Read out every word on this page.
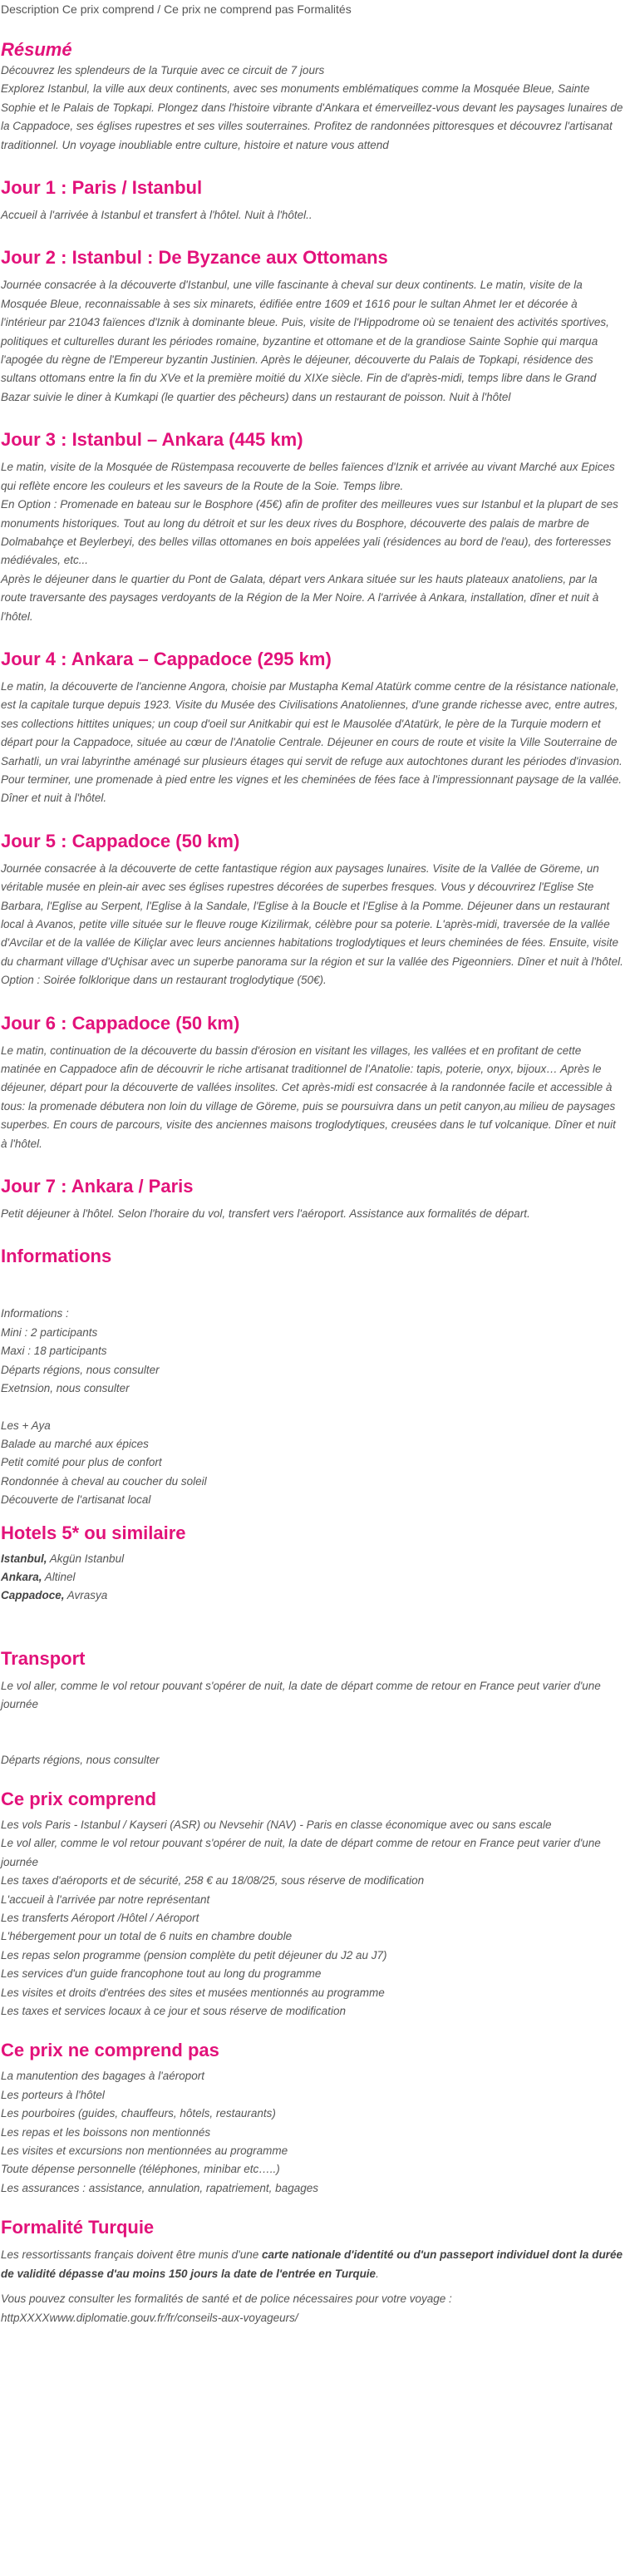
Description Ce prix comprend / Ce prix ne comprend pas Formalités
Résumé

Découvrez les splendeurs de la Turquie avec ce circuit de 7 jours

Explorez Istanbul, la ville aux deux continents, avec ses monuments emblématiques comme la Mosquée Bleue, Sainte Sophie et le Palais de Topkapi. Plongez dans l'histoire vibrante d'Ankara et émerveillez-vous devant les paysages lunaires de la Cappadoce, ses églises rupestres et ses villes souterraines. Profitez de randonnées pittoresques et découvrez l'artisanat traditionnel. Un voyage inoubliable entre culture, histoire et nature vous attend

Jour 1 : Paris / Istanbul

Accueil à l'arrivée à Istanbul et transfert à l'hôtel. Nuit à l'hôtel..

Jour 2 : Istanbul : De Byzance aux Ottomans

Journée consacrée à la découverte d'Istanbul, une ville fascinante à cheval sur deux continents. Le matin, visite de la Mosquée Bleue, reconnaissable à ses six minarets, édifiée entre 1609 et 1616 pour le sultan Ahmet Ier et décorée à l'intérieur par 21043 faïences d'Iznik à dominante bleue. Puis, visite de l'Hippodrome où se tenaient des activités sportives, politiques et culturelles durant les périodes romaine, byzantine et ottomane et de la grandiose Sainte Sophie qui marqua l'apogée du règne de l'Empereur byzantin Justinien. Après le déjeuner, découverte du Palais de Topkapi, résidence des sultans ottomans entre la fin du XVe et la première moitié du XIXe siècle. Fin de d'après-midi, temps libre dans le Grand Bazar suivie le diner à Kumkapi (le quartier des pêcheurs) dans un restaurant de poisson. Nuit à l'hôtel

Jour 3 : Istanbul – Ankara (445 km)

Le matin, visite de la Mosquée de Rüstempasa recouverte de belles faïences d'Iznik et arrivée au vivant Marché aux Epices qui reflète encore les couleurs et les saveurs de la Route de la Soie. Temps libre.

En Option : Promenade en bateau sur le Bosphore (45€) afin de profiter des meilleures vues sur Istanbul et la plupart de ses monuments historiques. Tout au long du détroit et sur les deux rives du Bosphore, découverte des palais de marbre de Dolmabahçe et Beylerbeyi, des belles villas ottomanes en bois appelées yali (résidences au bord de l'eau), des forteresses médiévales, etc...

Après le déjeuner dans le quartier du Pont de Galata, départ vers Ankara située sur les hauts plateaux anatoliens, par la route traversante des paysages verdoyants de la Région de la Mer Noire. A l'arrivée à Ankara, installation, dîner et nuit à l'hôtel.

Jour 4 : Ankara – Cappadoce (295 km)

Le matin, la découverte de l'ancienne Angora, choisie par Mustapha Kemal Atatürk comme centre de la résistance nationale, est la capitale turque depuis 1923. Visite du Musée des Civilisations Anatoliennes, d'une grande richesse avec, entre autres, ses collections hittites uniques; un coup d'oeil sur Anitkabir qui est le Mausolée d'Atatürk, le père de la Turquie modern et départ pour la Cappadoce, située au cœur de l'Anatolie Centrale. Déjeuner en cours de route et visite la Ville Souterraine de Sarhatli, un vrai labyrinthe aménagé sur plusieurs étages qui servit de refuge aux autochtones durant les périodes d'invasion. Pour terminer, une promenade à pied entre les vignes et les cheminées de fées face à l'impressionnant paysage de la vallée. Dîner et nuit à l'hôtel.

Jour 5 : Cappadoce (50 km)

Journée consacrée à la découverte de cette fantastique région aux paysages lunaires. Visite de la Vallée de Göreme, un véritable musée en plein-air avec ses églises rupestres décorées de superbes fresques. Vous y découvrirez l'Eglise Ste Barbara, l'Eglise au Serpent, l'Eglise à la Sandale, l'Eglise à la Boucle et l'Eglise à la Pomme. Déjeuner dans un restaurant local à Avanos, petite ville située sur le fleuve rouge Kizilirmak, célèbre pour sa poterie. L'après-midi, traversée de la vallée d'Avcilar et de la vallée de Kiliçlar avec leurs anciennes habitations troglodytiques et leurs cheminées de fées. Ensuite, visite du charmant village d'Uçhisar avec un superbe panorama sur la région et sur la vallée des Pigeonniers. Dîner et nuit à l'hôtel.

Option : Soirée folklorique dans un restaurant troglodytique (50€).

Jour 6 : Cappadoce (50 km)

Le matin, continuation de la découverte du bassin d'érosion en visitant les villages, les vallées et en profitant de cette matinée en Cappadoce afin de découvrir le riche artisanat traditionnel de l'Anatolie: tapis, poterie, onyx, bijoux… Après le déjeuner, départ pour la découverte de vallées insolites. Cet après-midi est consacrée à la randonnée facile et accessible à tous: la promenade débutera non loin du village de Göreme, puis se poursuivra dans un petit canyon,au milieu de paysages superbes. En cours de parcours, visite des anciennes maisons troglodytiques, creusées dans le tuf volcanique. Dîner et nuit à l'hôtel.

Jour 7 : Ankara / Paris

Petit déjeuner à l'hôtel. Selon l'horaire du vol, transfert vers l'aéroport. Assistance aux formalités de départ.

Informations
Informations :
Mini : 2 participants
Maxi : 18 participants
Départs régions, nous consulter
Exetnsion, nous consulter
Les + Aya
Balade au marché aux épices
Petit comité pour plus de confort
Rondonnée à cheval au coucher du soleil
Découverte de l'artisanat local
Hotels 5* ou similaire
Istanbul, Akgün Istanbul
Ankara, Altinel
Cappadoce, Avrasya
Transport

Le vol aller, comme le vol retour pouvant s'opérer de nuit, la date de départ comme de retour en France peut varier d'une journée

Départs régions, nous consulter

Ce prix comprend
Les vols Paris - Istanbul / Kayseri (ASR) ou Nevsehir (NAV) - Paris en classe économique avec ou sans escale
Le vol aller, comme le vol retour pouvant s'opérer de nuit, la date de départ comme de retour en France peut varier d'une journée
Les taxes d'aéroports et de sécurité, 258 € au 18/08/25, sous réserve de modification
L'accueil à l'arrivée par notre représentant
Les transferts Aéroport /Hôtel / Aéroport
L'hébergement pour un total de 6 nuits en chambre double
Les repas selon programme (pension complète du petit déjeuner du J2 au J7)
Les services d'un guide francophone tout au long du programme
Les visites et droits d'entrées des sites et musées mentionnés au programme
Les taxes et services locaux à ce jour et sous réserve de modification
Ce prix ne comprend pas
La manutention des bagages à l'aéroport
Les porteurs à l'hôtel
Les pourboires (guides, chauffeurs, hôtels, restaurants)
Les repas et les boissons non mentionnés
Les visites et excursions non mentionnées au programme
Toute dépense personnelle (téléphones, minibar etc…..)
Les assurances : assistance, annulation, rapatriement, bagages
Formalité Turquie

Les ressortissants français doivent être munis d'une carte nationale d'identité ou d'un passeport individuel dont la durée de validité dépasse d'au moins 150 jours la date de l'entrée en Turquie.

Vous pouvez consulter les formalités de santé et de police nécessaires pour votre voyage :

httpXXXXwww.diplomatie.gouv.fr/fr/conseils-aux-voyageurs/
